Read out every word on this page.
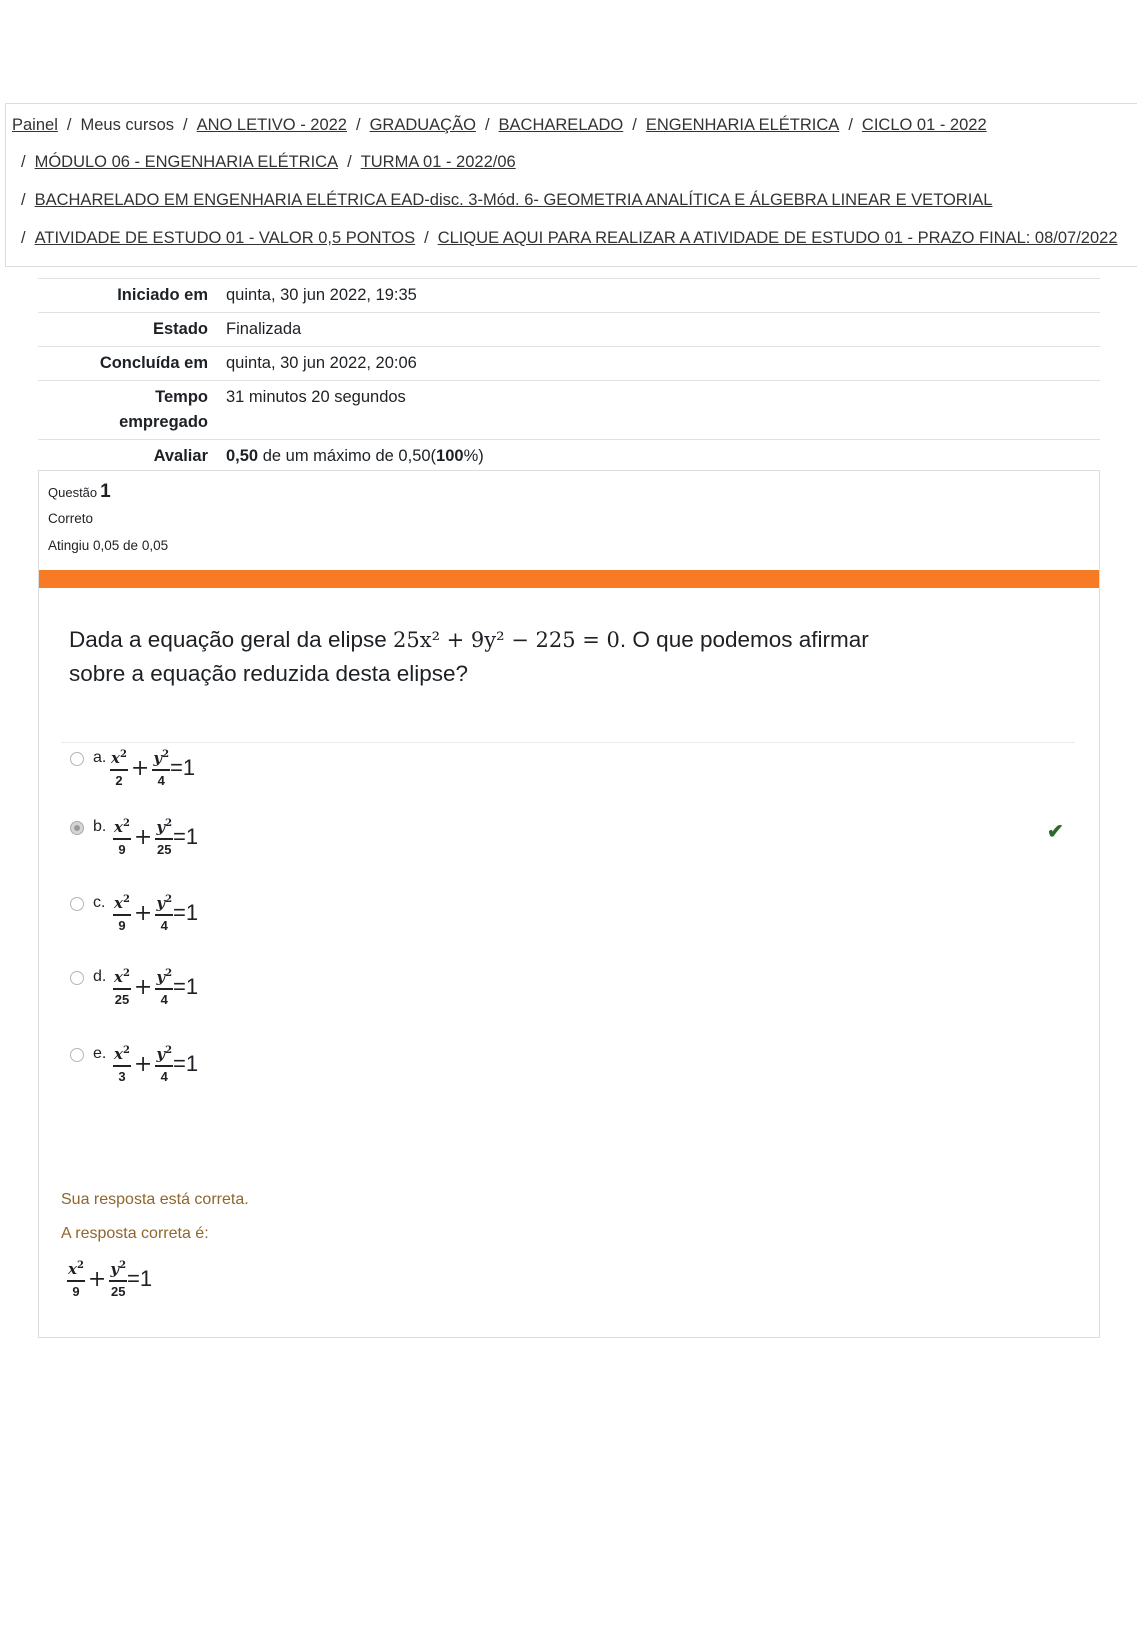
Painel / Meus cursos / ANO LETIVO - 2022 / GRADUAÇÃO / BACHARELADO / ENGENHARIA ELÉTRICA / CICLO 01 - 2022
/ MÓDULO 06 - ENGENHARIA ELÉTRICA / TURMA 01 - 2022/06
/ BACHARELADO EM ENGENHARIA ELÉTRICA EAD-disc. 3-Mód. 6- GEOMETRIA ANALÍTICA E ÁLGEBRA LINEAR E VETORIAL
/ ATIVIDADE DE ESTUDO 01 - VALOR 0,5 PONTOS / CLIQUE AQUI PARA REALIZAR A ATIVIDADE DE ESTUDO 01 - PRAZO FINAL: 08/07/2022
Iniciado em	quinta, 30 jun 2022, 19:35
Estado	Finalizada
Concluída em	quinta, 30 jun 2022, 20:06
Tempo
empregado	31 minutos 20 segundos
Avaliar	0,50 de um máximo de 0,50(100%)
Questão 1
Correto
Atingiu 0,05 de 0,05
Dada a equação geral da elipse 25x² + 9y² − 225 = 0. O que podemos afirmar
sobre a equação reduzida desta elipse?
a. $\frac{x^2}{2} + \frac{y^2}{4} =1$
b. $\frac{x^2}{9} + \frac{y^2}{25} =1$
c. $\frac{x^2}{9} + \frac{y^2}{4} =1$
d. $\frac{x^2}{25} + \frac{y^2}{4} =1$
e. $\frac{x^2}{3} + \frac{y^2}{4} =1$
✔
Sua resposta está correta.
A resposta correta é:
$\frac{x^2}{9} + \frac{y^2}{25} =1$
